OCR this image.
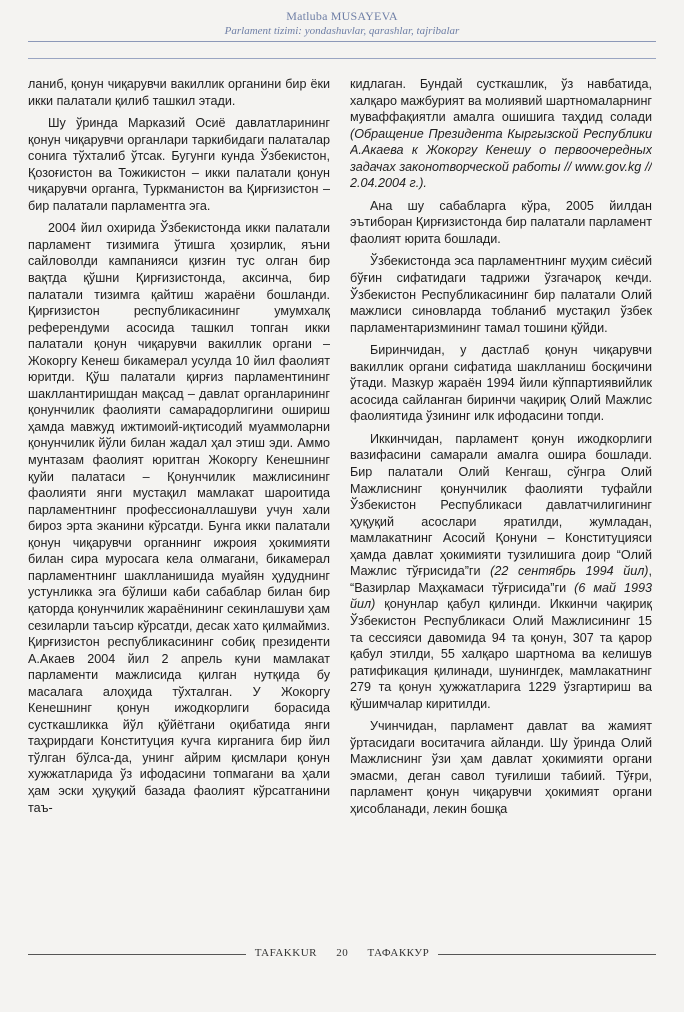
Matluba MUSAYEVA
Parlament tizimi: yondashuvlar, qarashlar, tajribalar

ланиб, қонун чиқарувчи вакиллик органини бир ёки икки палатали қилиб ташкил этади.

Шу ўринда Марказий Осиё давлатларининг қонун чиқарувчи органлари таркибидаги палаталар сонига тўхталиб ўтсак. Бугунги кунда Ўзбекистон, Қозоғистон ва Тожикистон – икки палатали қонун чиқарувчи органга, Туркманистон ва Қирғизистон – бир палатали парламентга эга.

2004 йил охирида Ўзбекистонда икки палатали парламент тизимига ўтишга ҳозирлик, яъни сайловолди кампанияси қизғин тус олган бир вақтда қўшни Қирғизистонда, аксинча, бир палатали тизимга қайтиш жараёни бошланди. Қирғизистон республикасининг умумхалқ референдуми асосида ташкил топган икки палатали қонун чиқарувчи вакиллик органи – Жокоргу Кенеш бикамерал усулда 10 йил фаолият юритди. Қўш палатали қирғиз парламентининг шакллантиришдан мақсад – давлат органларининг қонунчилик фаолияти самарадорлигини ошириш ҳамда мавжуд ижтимоий-иқтисодий муаммоларни қонунчилик йўли билан жадал ҳал этиш эди. Аммо мунтазам фаолият юритган Жокоргу Кенешнинг қуйи палатаси – Қонунчилик мажлисининг фаолияти янги мустақил мамлакат шароитида парламентнинг профессионаллашуви учун хали бироз эрта эканини кўрсатди. Бунга икки палатали қонун чиқарувчи органнинг ижроия ҳокимияти билан сира муросага кела олмагани, бикамерал парламентнинг шаклланишида муайян ҳудуднинг устунликка эга бўлиши каби сабаблар билан бир қаторда қонунчилик жараёнининг секинлашуви ҳам сезиларли таъсир кўрсатди, десак хато қилмаймиз. Қирғизистон республикасининг собиқ президенти А.Акаев 2004 йил 2 апрель куни мамлакат парламенти мажлисида қилган нутқида бу масалага алоҳида тўхталган. У Жокоргу Кенешнинг қонун ижодкорлиги борасида сусткашликка йўл қўйётгани оқибатида янги таҳрирдаги Конституция кучга кирганига бир йил тўлган бўлса-да, унинг айрим қисмлари қонун хужжатларида ўз ифодасини топмагани ва ҳали ҳам эски ҳуқуқий базада фаолият кўрсатганини таъ-

кидлаган. Бундай сусткашлик, ўз навбатида, халқаро мажбурият ва молиявий шартномаларнинг муваффақиятли амалга ошишига таҳдид солади (Обращение Президента Кыргызской Республики А.Акаева к Жокоргу Кенешу о первоочередных задачах законотворческой работы // www.gov.kg // 2.04.2004 г.).

Ана шу сабабларга кўра, 2005 йилдан эътиборан Қирғизистонда бир палатали парламент фаолият юрита бошлади.

Ўзбекистонда эса парламентнинг муҳим сиёсий бўғин сифатидаги тадрижи ўзгачароқ кечди. Ўзбекистон Республикасининг бир палатали Олий мажлиси синовларда тобланиб мустақил ўзбек парламентаризмининг тамал тошини қўйди.

Биринчидан, у дастлаб қонун чиқарувчи вакиллик органи сифатида шаклланиш босқичини ўтади. Мазкур жараён 1994 йили кўппартиявийлик асосида сайланган биринчи чақириқ Олий Мажлис фаолиятида ўзининг илк ифодасини топди.

Иккинчидан, парламент қонун ижодкорлиги вазифасини самарали амалга ошира бошлади. Бир палатали Олий Кенгаш, сўнгра Олий Мажлиснинг қонунчилик фаолияти туфайли Ўзбекистон Республикаси давлатчилигининг ҳуқуқий асослари яратилди, жумладан, мамлакатнинг Асосий Қонуни – Конституцияси ҳамда давлат ҳокимияти тузилишига доир “Олий Мажлис тўғрисида”ги (22 сентябрь 1994 йил), “Вазирлар Маҳкамаси тўғрисида”ги (6 май 1993 йил) қонунлар қабул қилинди. Иккинчи чақириқ Ўзбекистон Республикаси Олий Мажлисининг 15 та сессияси давомида 94 та қонун, 307 та қарор қабул этилди, 55 халқаро шартнома ва келишув ратификация қилинади, шунингдек, мамлакатнинг 279 та қонун ҳужжатларига 1229 ўзгартириш ва қўшимчалар киритилди.

Учинчидан, парламент давлат ва жамият ўртасидаги воситачига айланди. Шу ўринда Олий Мажлиснинг ўзи ҳам давлат ҳокимияти органи эмасми, деган савол туғилиши табиий. Тўғри, парламент қонун чиқарувчи ҳокимият органи ҳисобланади, лекин бошқа

TAFAKKUR 20 ТАФАККУР
